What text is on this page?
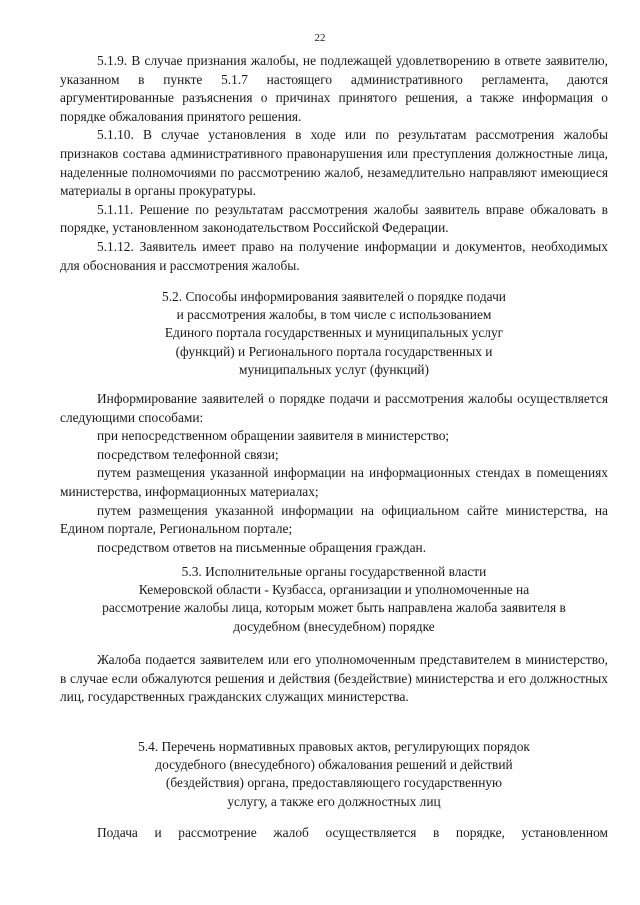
22

5.1.9. В случае признания жалобы, не подлежащей удовлетворению в ответе заявителю, указанном в пункте 5.1.7 настоящего административного регламента, даются аргументированные разъяснения о причинах принятого решения, а также информация о порядке обжалования принятого решения.

5.1.10. В случае установления в ходе или по результатам рассмотрения жалобы признаков состава административного правонарушения или преступления должностные лица, наделенные полномочиями по рассмотрению жалоб, незамедлительно направляют имеющиеся материалы в органы прокуратуры.

5.1.11. Решение по результатам рассмотрения жалобы заявитель вправе обжаловать в порядке, установленном законодательством Российской Федерации.

5.1.12. Заявитель имеет право на получение информации и документов, необходимых для обоснования и рассмотрения жалобы.

5.2. Способы информирования заявителей о порядке подачи
и рассмотрения жалобы, в том числе с использованием
Единого портала государственных и муниципальных услуг
(функций) и Регионального портала государственных и
муниципальных услуг (функций)

Информирование заявителей о порядке подачи и рассмотрения жалобы осуществляется следующими способами:

при непосредственном обращении заявителя в министерство;

посредством телефонной связи;

путем размещения указанной информации на информационных стендах в помещениях министерства, информационных материалах;

путем размещения указанной информации на официальном сайте министерства, на Едином портале, Региональном портале;

посредством ответов на письменные обращения граждан.

5.3. Исполнительные органы государственной власти
Кемеровской области - Кузбасса, организации и уполномоченные на
рассмотрение жалобы лица, которым может быть направлена жалоба заявителя в
досудебном (внесудебном) порядке

Жалоба подается заявителем или его уполномоченным представителем в министерство, в случае если обжалуются решения и действия (бездействие) министерства и его должностных лиц, государственных гражданских служащих министерства.

5.4. Перечень нормативных правовых актов, регулирующих порядок
досудебного (внесудебного) обжалования решений и действий
(бездействия) органа, предоставляющего государственную
услугу, а также его должностных лиц

Подача и рассмотрение жалоб осуществляется в порядке, установленном
